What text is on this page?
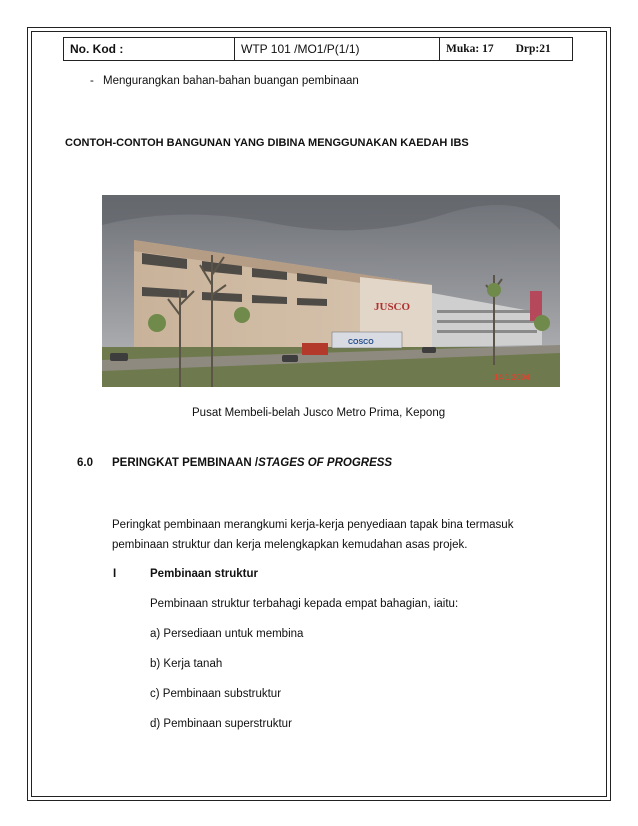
No. Kod :	WTP 101 /MO1/P(1/1)	Muka: 17 Drp:21
- Mengurangkan bahan-bahan buangan pembinaan
CONTOH-CONTOH BANGUNAN YANG DIBINA MENGGUNAKAN KAEDAH IBS
JUSCO
COSCO
14 1 2004
Pusat Membeli-belah Jusco Metro Prima, Kepong
6.0 PERINGKAT PEMBINAAN /STAGES OF PROGRESS
Peringkat pembinaan merangkumi kerja-kerja penyediaan tapak bina termasuk
pembinaan struktur dan kerja melengkapkan kemudahan asas projek.
I	Pembinaan struktur
Pembinaan struktur terbahagi kepada empat bahagian, iaitu:
a) Persediaan untuk membina
b) Kerja tanah
c) Pembinaan substruktur
d) Pembinaan superstruktur
